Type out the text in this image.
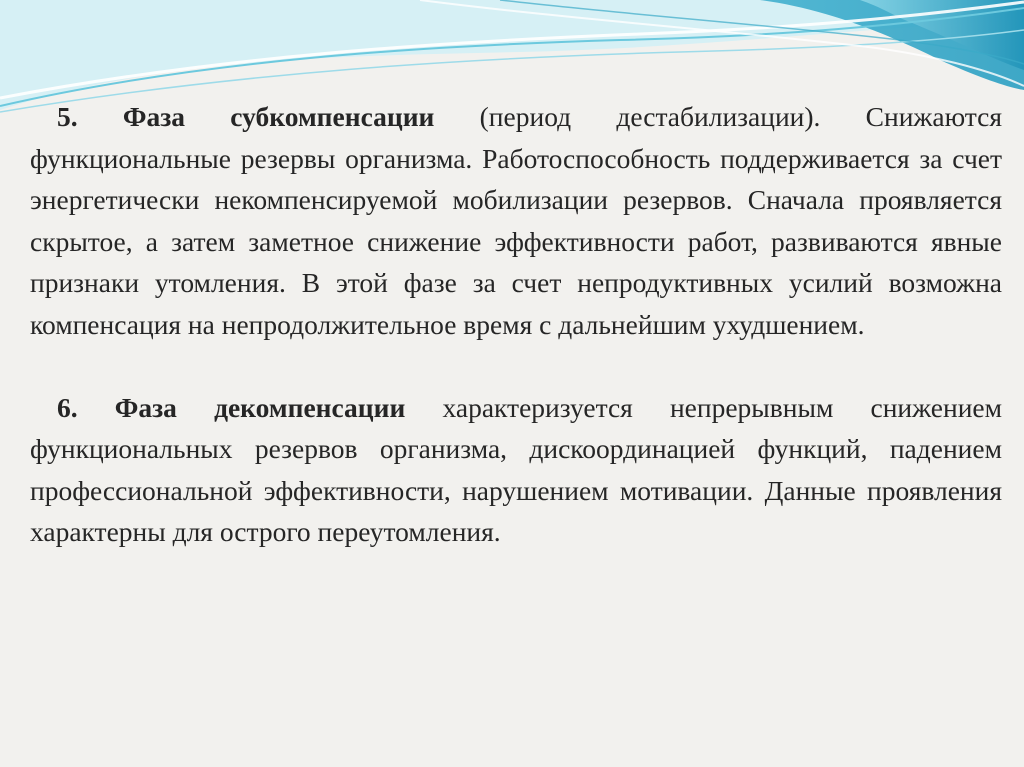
5. Фаза субкомпенсации (период дестабилизации). Снижаются функциональные резервы организма. Работоспособность поддерживается за счет энергетически некомпенсируемой мобилизации резервов. Сначала проявляется скрытое, а затем заметное снижение эффективности работ, развиваются явные признаки утомления. В этой фазе за счет непродуктивных усилий возможна компенсация на непродолжительное время с дальнейшим ухудшением.

6. Фаза декомпенсации характеризуется непрерывным снижением функциональных резервов организма, дискоординацией функций, падением профессиональной эффективности, нарушением мотивации. Данные проявления характерны для острого переутомления.
